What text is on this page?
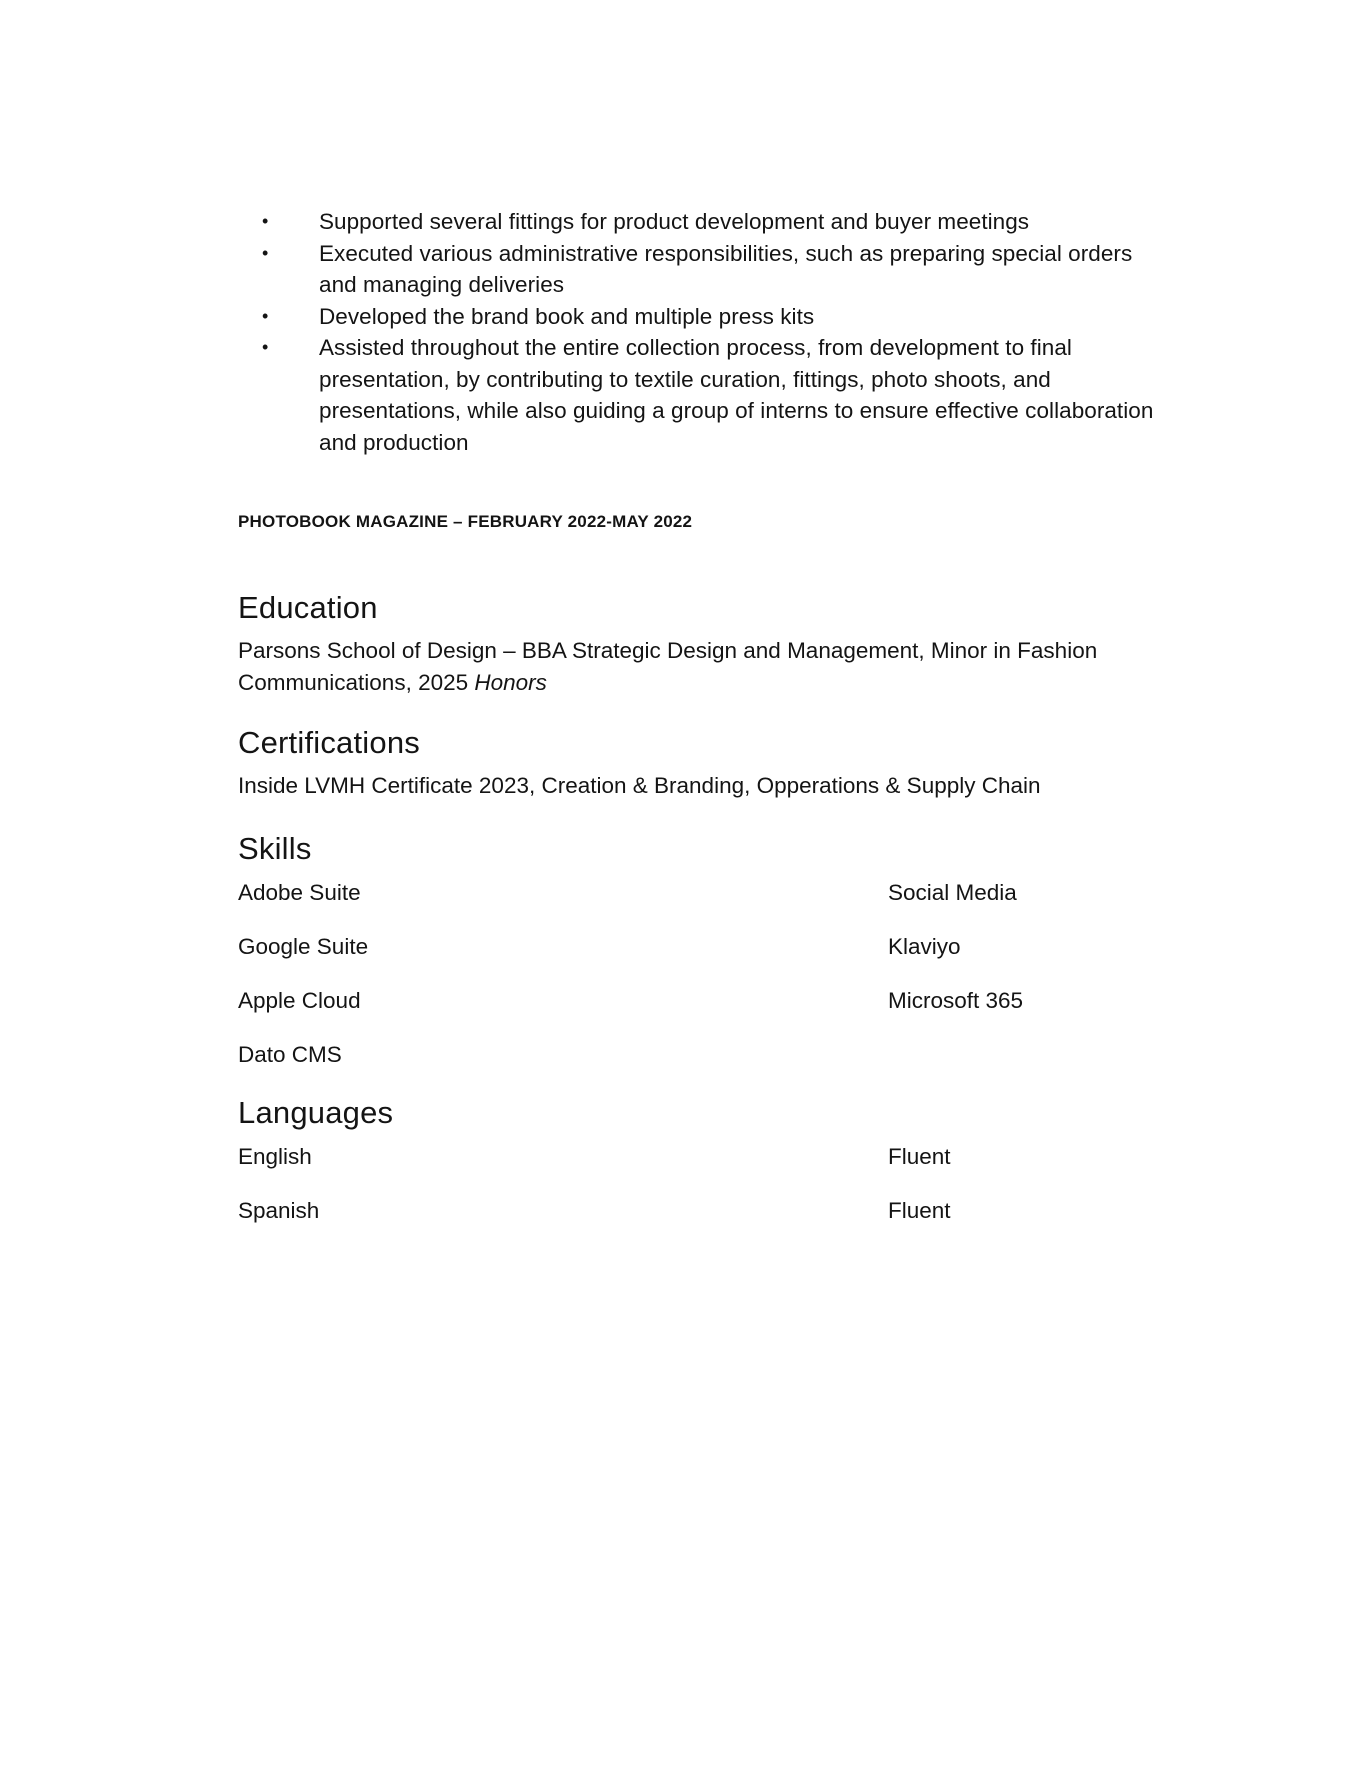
• Supported several fittings for product development and buyer meetings
• Executed various administrative responsibilities, such as preparing special orders and managing deliveries
• Developed the brand book and multiple press kits
• Assisted throughout the entire collection process, from development to final presentation, by contributing to textile curation, fittings, photo shoots, and presentations, while also guiding a group of interns to ensure effective collaboration and production
PHOTOBOOK MAGAZINE – FEBRUARY 2022-MAY 2022
Education
Parsons School of Design – BBA Strategic Design and Management, Minor in Fashion Communications, 2025 Honors
Certifications
Inside LVMH Certificate 2023, Creation & Branding, Opperations & Supply Chain
Skills
Adobe Suite	Social Media
Google Suite	Klaviyo
Apple Cloud	Microsoft 365
Dato CMS
Languages
English	Fluent
Spanish	Fluent
